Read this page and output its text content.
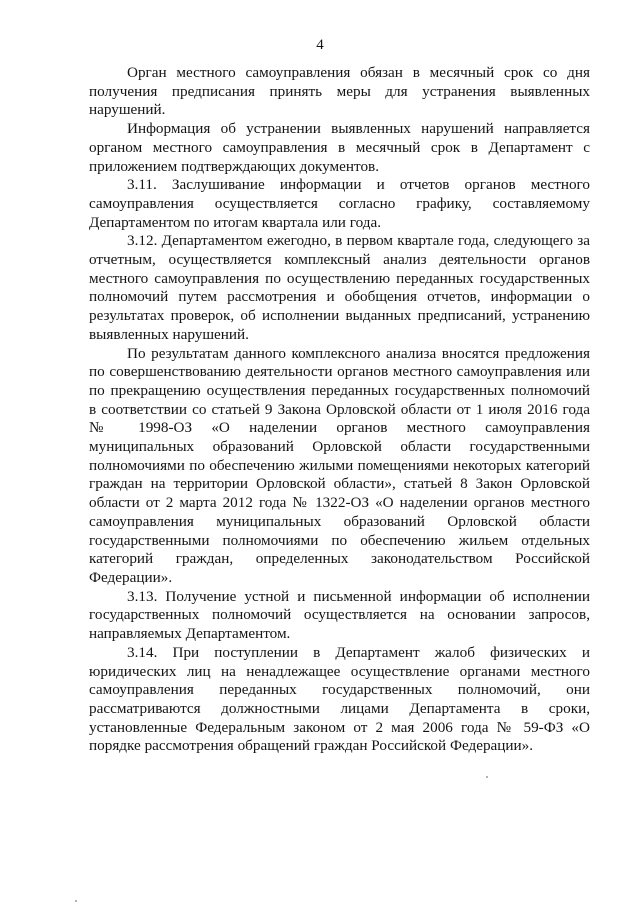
4

Орган местного самоуправления обязан в месячный срок со дня получения предписания принять меры для устранения выявленных нарушений.

Информация об устранении выявленных нарушений направляется органом местного самоуправления в месячный срок в Департамент с приложением подтверждающих документов.

3.11. Заслушивание информации и отчетов органов местного самоуправления осуществляется согласно графику, составляемому Департаментом по итогам квартала или года.

3.12. Департаментом ежегодно, в первом квартале года, следующего за отчетным, осуществляется комплексный анализ деятельности органов местного самоуправления по осуществлению переданных государственных полномочий путем рассмотрения и обобщения отчетов, информации о результатах проверок, об исполнении выданных предписаний, устранению выявленных нарушений.

По результатам данного комплексного анализа вносятся предложения по совершенствованию деятельности органов местного самоуправления или по прекращению осуществления переданных государственных полномочий в соответствии со статьей 9 Закона Орловской области от 1 июля 2016 года № 1998-ОЗ «О наделении органов местного самоуправления муниципальных образований Орловской области государственными полномочиями по обеспечению жилыми помещениями некоторых категорий граждан на территории Орловской области», статьей 8 Закон Орловской области от 2 марта 2012 года № 1322-ОЗ «О наделении органов местного самоуправления муниципальных образований Орловской области государственными полномочиями по обеспечению жильем отдельных категорий граждан, определенных законодательством Российской Федерации».

3.13. Получение устной и письменной информации об исполнении государственных полномочий осуществляется на основании запросов, направляемых Департаментом.

3.14. При поступлении в Департамент жалоб физических и юридических лиц на ненадлежащее осуществление органами местного самоуправления переданных государственных полномочий, они рассматриваются должностными лицами Департамента в сроки, установленные Федеральным законом от 2 мая 2006 года № 59-ФЗ «О порядке рассмотрения обращений граждан Российской Федерации».
